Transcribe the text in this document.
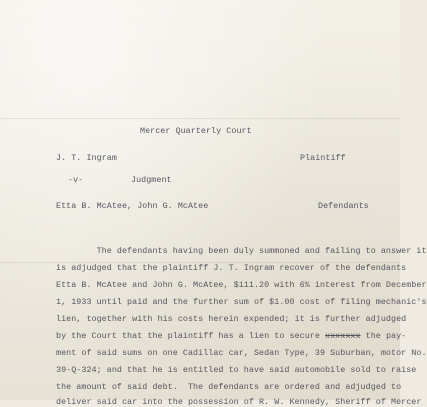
Mercer Quarterly Court
J. T. Ingram	Plaintiff
-v-	Judgment
Etta B. McAtee, John G. McAtee	Defendants
The defendants having been duly summoned and failing to answer it
is adjudged that the plaintiff J. T. Ingram recover of the defendants
Etta B. McAtee and John G. McAtee, $111.20 with 6% interest from December
1, 1933 until paid and the further sum of $1.00 cost of filing mechanic's
lien, together with his costs herein expended; it is further adjudged
by the Court that the plaintiff has a lien to secure xxxxxxx the pay-
ment of said sums on one Cadillac car, Sedan Type, 39 Suburban, motor No.
39-Q-324; and that he is entitled to have said automobile sold to raise
the amount of said debt.  The defendants are ordered and adjudged to
deliver said car into the possession of R. W. Kennedy, Sheriff of Mercer
